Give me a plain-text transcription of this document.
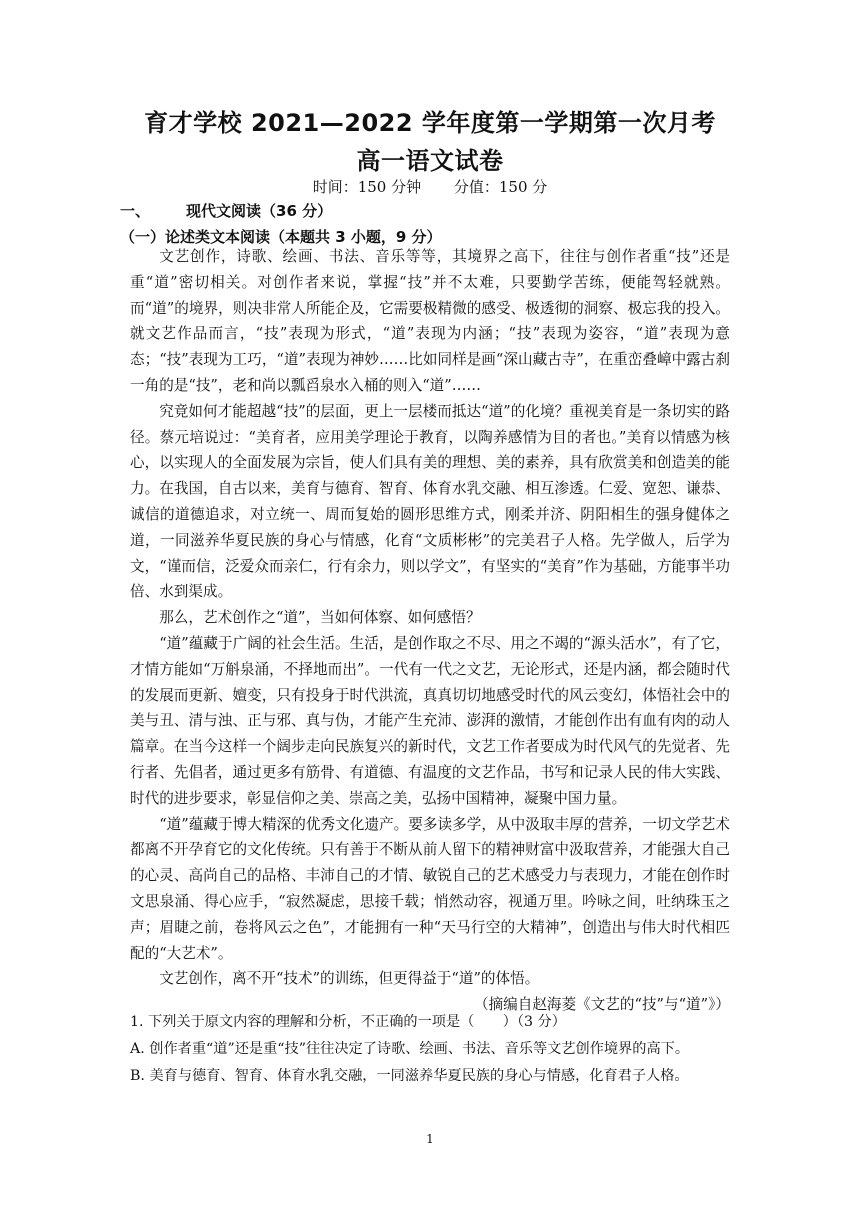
育才学校 2021—2022 学年度第一学期第一次月考
高一语文试卷
时间：150 分钟 分值：150 分
一、 现代文阅读（36 分）
（一）论述类文本阅读（本题共 3 小题，9 分）

文艺创作，诗歌、绘画、书法、音乐等等，其境界之高下，往往与创作者重“技”还是重“道”密切相关。对创作者来说，掌握“技”并不太难，只要勤学苦练，便能驾轻就熟。而“道”的境界，则决非常人所能企及，它需要极精微的感受、极透彻的洞察、极忘我的投入。就文艺作品而言，“技”表现为形式，“道”表现为内涵；“技”表现为姿容，“道”表现为意态；“技”表现为工巧，“道”表现为神妙……比如同样是画“深山藏古寺”，在重峦叠嶂中露古刹一角的是“技”，老和尚以瓢舀泉水入桶的则入“道”……

究竟如何才能超越“技”的层面，更上一层楼而抵达“道”的化境？重视美育是一条切实的路径。蔡元培说过：“美育者，应用美学理论于教育，以陶养感情为目的者也。”美育以情感为核心，以实现人的全面发展为宗旨，使人们具有美的理想、美的素养，具有欣赏美和创造美的能力。在我国，自古以来，美育与德育、智育、体育水乳交融、相互渗透。仁爱、宽恕、谦恭、诚信的道德追求，对立统一、周而复始的圆形思维方式，刚柔并济、阴阳相生的强身健体之道，一同滋养华夏民族的身心与情感，化育“文质彬彬”的完美君子人格。先学做人，后学为文，“谨而信，泛爱众而亲仁，行有余力，则以学文”，有坚实的“美育”作为基础，方能事半功倍、水到渠成。

那么，艺术创作之“道”，当如何体察、如何感悟？

“道”蕴藏于广阔的社会生活。生活，是创作取之不尽、用之不竭的“源头活水”，有了它，才情方能如“万斛泉涌，不择地而出”。一代有一代之文艺，无论形式，还是内涵，都会随时代的发展而更新、嬗变，只有投身于时代洪流，真真切切地感受时代的风云变幻，体悟社会中的美与丑、清与浊、正与邪、真与伪，才能产生充沛、澎湃的激情，才能创作出有血有肉的动人篇章。在当今这样一个阔步走向民族复兴的新时代，文艺工作者要成为时代风气的先觉者、先行者、先倡者，通过更多有筋骨、有道德、有温度的文艺作品，书写和记录人民的伟大实践、时代的进步要求，彰显信仰之美、崇高之美，弘扬中国精神，凝聚中国力量。

“道”蕴藏于博大精深的优秀文化遗产。要多读多学，从中汲取丰厚的营养，一切文学艺术都离不开孕育它的文化传统。只有善于不断从前人留下的精神财富中汲取营养，才能强大自己的心灵、高尚自己的品格、丰沛自己的才情、敏锐自己的艺术感受力与表现力，才能在创作时文思泉涌、得心应手，“寂然凝虑，思接千载；悄然动容，视通万里。吟咏之间，吐纳珠玉之声；眉睫之前，卷将风云之色”，才能拥有一种“天马行空的大精神”，创造出与伟大时代相匹配的“大艺术”。

文艺创作，离不开“技术”的训练，但更得益于“道”的体悟。

（摘编自赵海菱《文艺的“技”与“道”》）

1. 下列关于原文内容的理解和分析，不正确的一项是（　　）（3 分）

A. 创作者重“道”还是重“技”往往决定了诗歌、绘画、书法、音乐等文艺创作境界的高下。

B. 美育与德育、智育、体育水乳交融，一同滋养华夏民族的身心与情感，化育君子人格。

1
